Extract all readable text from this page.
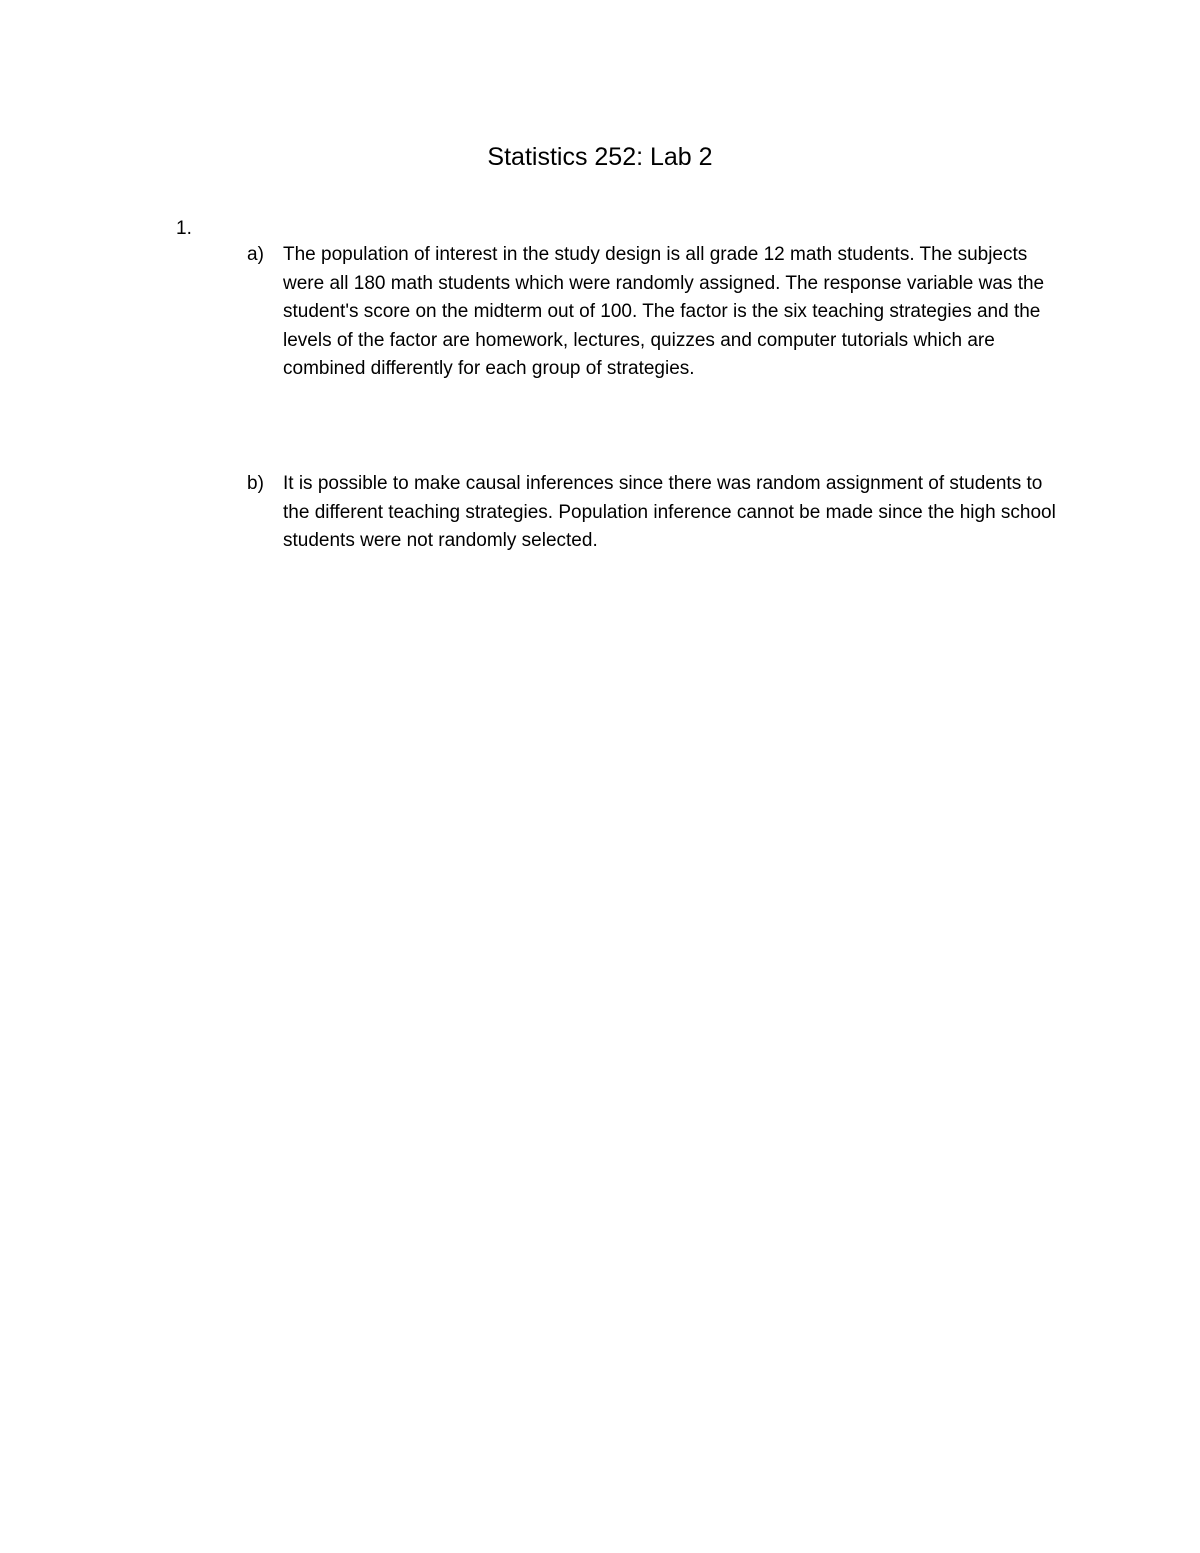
Statistics 252: Lab 2
1.
a)	The population of interest in the study design is all grade 12 math students. The subjects were all 180 math students which were randomly assigned. The response variable was the student's score on the midterm out of 100. The factor is the six teaching strategies and the levels of the factor are homework, lectures, quizzes and computer tutorials which are combined differently for each group of strategies.

b)	It is possible to make causal inferences since there was random assignment of students to the different teaching strategies. Population inference cannot be made since the high school students were not randomly selected.
